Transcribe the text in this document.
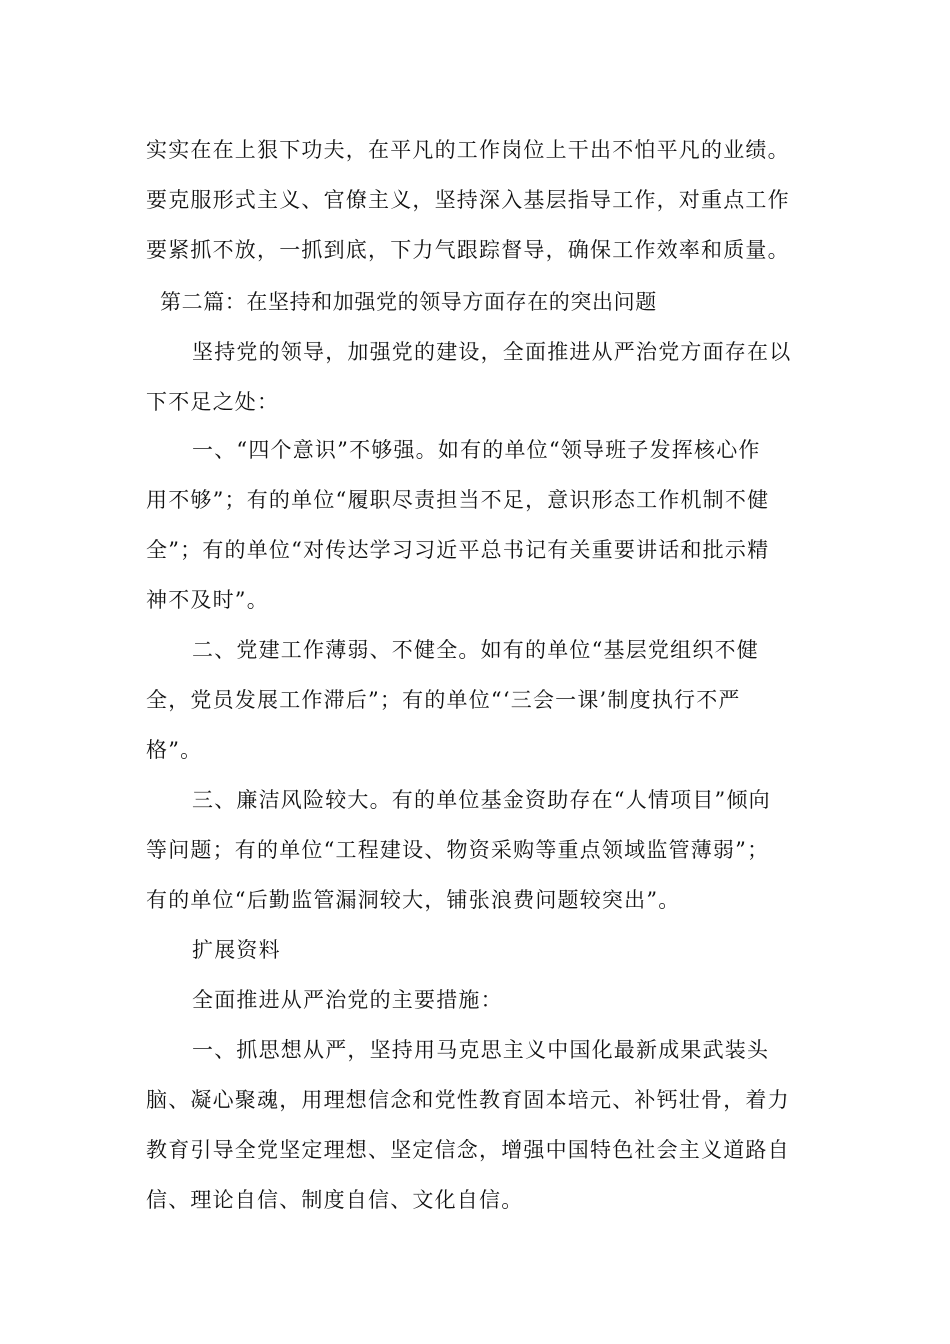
实实在在上狠下功夫，在平凡的工作岗位上干出不怕平凡的业绩。
要克服形式主义、官僚主义，坚持深入基层指导工作，对重点工作
要紧抓不放，一抓到底，下力气跟踪督导，确保工作效率和质量。
第二篇：在坚持和加强党的领导方面存在的突出问题
坚持党的领导，加强党的建设，全面推进从严治党方面存在以
下不足之处：
一、“四个意识”不够强。如有的单位“领导班子发挥核心作
用不够”；有的单位“履职尽责担当不足，意识形态工作机制不健
全”；有的单位“对传达学习习近平总书记有关重要讲话和批示精
神不及时”。
二、党建工作薄弱、不健全。如有的单位“基层党组织不健
全，党员发展工作滞后”；有的单位“‘三会一课’制度执行不严
格”。
三、廉洁风险较大。有的单位基金资助存在“人情项目”倾向
等问题；有的单位“工程建设、物资采购等重点领域监管薄弱”；
有的单位“后勤监管漏洞较大，铺张浪费问题较突出”。
扩展资料
全面推进从严治党的主要措施：
一、抓思想从严，坚持用马克思主义中国化最新成果武装头
脑、凝心聚魂，用理想信念和党性教育固本培元、补钙壮骨，着力
教育引导全党坚定理想、坚定信念，增强中国特色社会主义道路自
信、理论自信、制度自信、文化自信。
